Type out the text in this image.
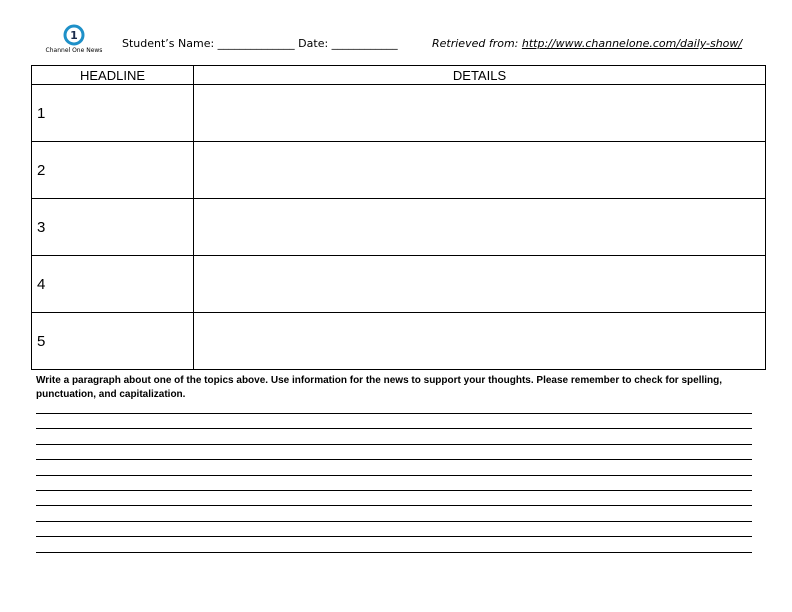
1
Channel One News
Student’s Name: ______________ Date: ____________	Retrieved from: http://www.channelone.com/daily-show/
HEADLINE	DETAILS
1	
2	
3	
4	
5	
Write a paragraph about one of the topics above. Use information for the news to support your thoughts. Please remember to check for spelling, punctuation, and capitalization.
